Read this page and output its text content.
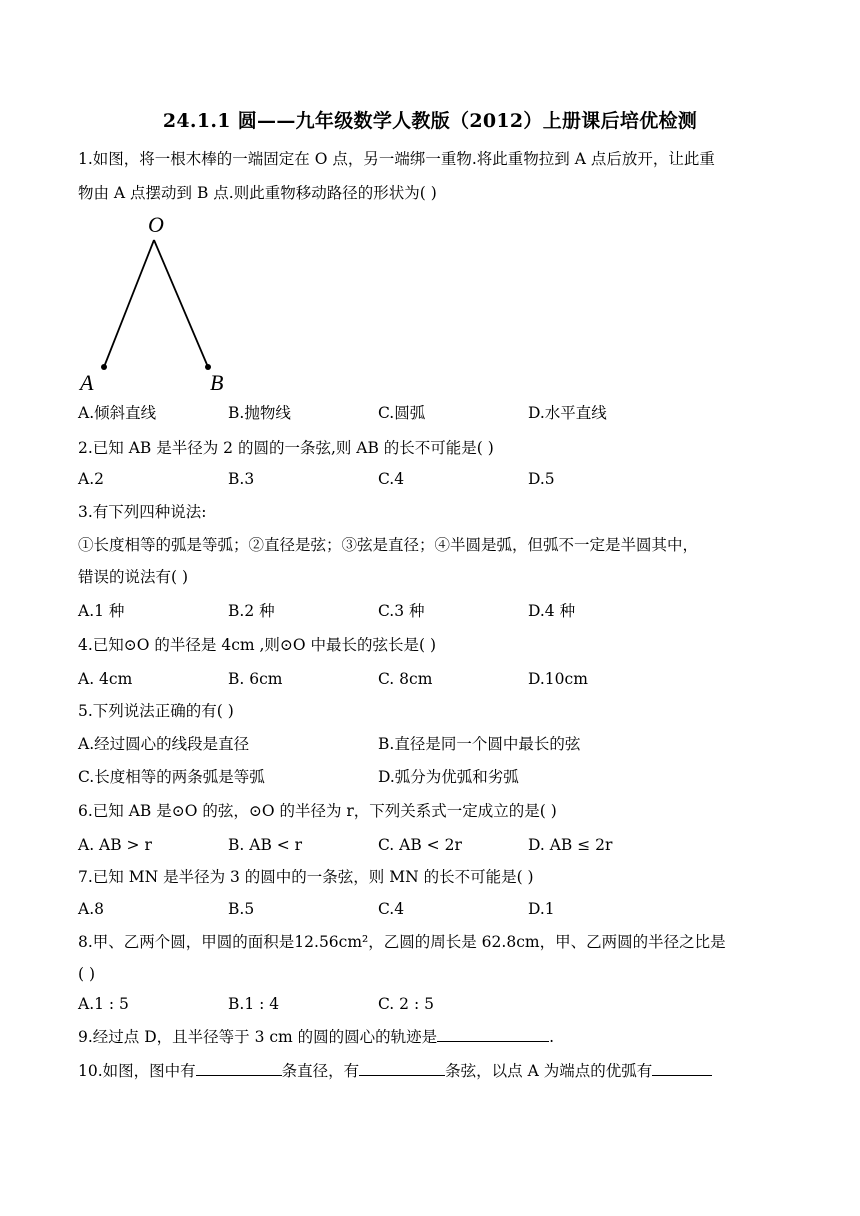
24.1.1 圆——九年级数学人教版（2012）上册课后培优检测
1.如图，将一根木棒的一端固定在 O 点，另一端绑一重物.将此重物拉到 A 点后放开，让此重
物由 A 点摆动到 B 点.则此重物移动路径的形状为( )
O
A	B
A.倾斜直线	B.抛物线	C.圆弧	D.水平直线
2.已知 AB 是半径为 2 的圆的一条弦,则 AB 的长不可能是( )
A.2	B.3	C.4	D.5
3.有下列四种说法:
①长度相等的弧是等弧；②直径是弦；③弦是直径；④半圆是弧，但弧不一定是半圆其中，
错误的说法有( )
A.1 种	B.2 种	C.3 种	D.4 种
4.已知⊙O 的半径是 4cm ,则⊙O 中最长的弦长是( )
A. 4cm	B. 6cm	C. 8cm	D.10cm
5.下列说法正确的有( )
A.经过圆心的线段是直径	B.直径是同一个圆中最长的弦
C.长度相等的两条弧是等弧	D.弧分为优弧和劣弧
6.已知 AB 是⊙O 的弦，⊙O 的半径为 r，下列关系式一定成立的是( )
A. AB > r	B. AB < r	C. AB < 2r	D. AB ≤ 2r
7.已知 MN 是半径为 3 的圆中的一条弦，则 MN 的长不可能是( )
A.8	B.5	C.4	D.1
8.甲、乙两个圆，甲圆的面积是12.56cm²，乙圆的周长是 62.8cm，甲、乙两圆的半径之比是
( )
A.1 : 5	B.1 : 4	C. 2 : 5
9.经过点 D，且半径等于 3 cm 的圆的圆心的轨迹是	.
10.如图，图中有	条直径，有	条弦，以点 A 为端点的优弧有
